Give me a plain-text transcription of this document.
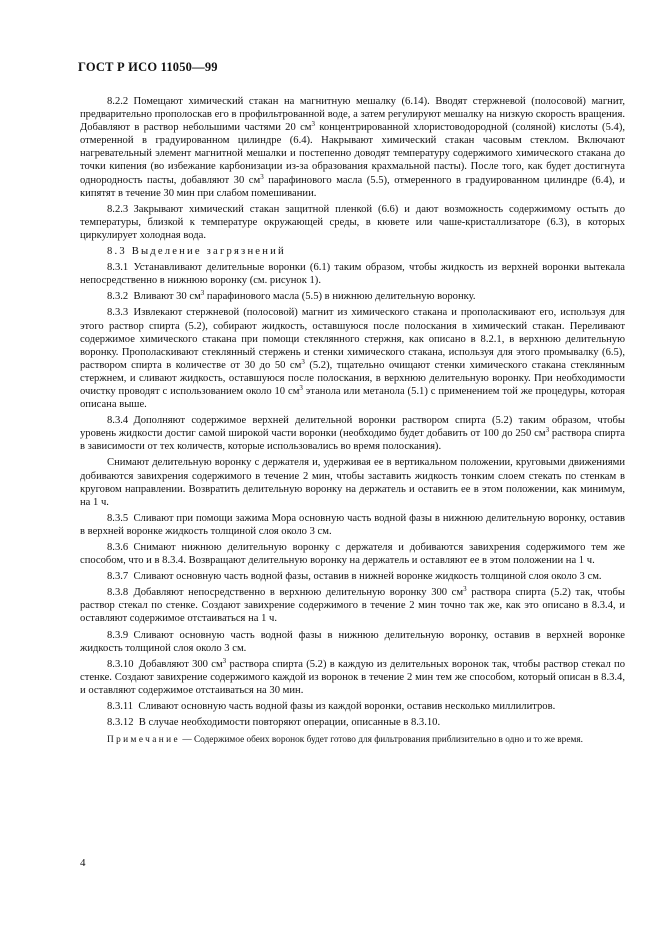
ГОСТ Р ИСО 11050—99

8.2.2  Помещают химический стакан на магнитную мешалку (6.14). Вводят стержневой (полосовой) магнит, предварительно прополоскав его в профильтрованной воде, а затем регулируют мешалку на низкую скорость вращения. Добавляют в раствор небольшими частями 20 $см^3$ концентрированной хлористоводородной (соляной) кислоты (5.4), отмеренной в градуированном цилиндре (6.4). Накрывают химический стакан часовым стеклом. Включают нагревательный элемент магнитной мешалки и постепенно доводят температуру содержимого химического стакана до точки кипения (во избежание карбонизации из-за образования крахмальной пасты). После того, как будет достигнута однородность пасты, добавляют 30 $см^3$ парафинового масла (5.5), отмеренного в градуированном цилиндре (6.4), и кипятят в течение 30 мин при слабом помешивании.

8.2.3  Закрывают химический стакан защитной пленкой (6.6) и дают возможность содержимому остыть до температуры, близкой к температуре окружающей среды, в кювете или чаше-кристаллизаторе (6.3), в которых циркулирует холодная вода.

8.3 Выделение загрязнений

8.3.1  Устанавливают делительные воронки (6.1) таким образом, чтобы жидкость из верхней воронки вытекала непосредственно в нижнюю воронку (см. рисунок 1).

8.3.2  Вливают 30 $см^3$ парафинового масла (5.5) в нижнюю делительную воронку.

8.3.3  Извлекают стержневой (полосовой) магнит из химического стакана и прополаскивают его, используя для этого раствор спирта (5.2), собирают жидкость, оставшуюся после полоскания в химический стакан. Переливают содержимое химического стакана при помощи стеклянного стержня, как описано в 8.2.1, в верхнюю делительную воронку. Прополаскивают стеклянный стержень и стенки химического стакана, используя для этого промывалку (6.5), раствором спирта в количестве от 30 до 50 $см^3$ (5.2), тщательно очищают стенки химического стакана стеклянным стержнем, и сливают жидкость, оставшуюся после полоскания, в верхнюю делительную воронку. При необходимости очистку проводят с использованием около 10 $см^3$ этанола или метанола (5.1) с применением той же процедуры, которая описана выше.

8.3.4  Дополняют содержимое верхней делительной воронки раствором спирта (5.2) таким образом, чтобы уровень жидкости достиг самой широкой части воронки (необходимо будет добавить от 100 до 250 $см^3$ раствора спирта в зависимости от тех количеств, которые использовались во время полоскания).

Снимают делительную воронку с держателя и, удерживая ее в вертикальном положении, круговыми движениями добиваются завихрения содержимого в течение 2 мин, чтобы заставить жидкость тонким слоем стекать по стенкам в круговом направлении. Возвратить делительную воронку на держатель и оставить ее в этом положении, как минимум, на 1 ч.

8.3.5  Сливают при помощи зажима Мора основную часть водной фазы в нижнюю делительную воронку, оставив в верхней воронке жидкость толщиной слоя около 3 см.

8.3.6  Снимают нижнюю делительную воронку с держателя и добиваются завихрения содержимого тем же способом, что и в 8.3.4. Возвращают делительную воронку на держатель и оставляют ее в этом положении на 1 ч.

8.3.7  Сливают основную часть водной фазы, оставив в нижней воронке жидкость толщиной слоя около 3 см.

8.3.8  Добавляют непосредственно в верхнюю делительную воронку 300 $см^3$ раствора спирта (5.2) так, чтобы раствор стекал по стенке. Создают завихрение содержимого в течение 2 мин точно так же, как это описано в 8.3.4, и оставляют содержимое отстаиваться на 1 ч.

8.3.9  Сливают основную часть водной фазы в нижнюю делительную воронку, оставив в верхней воронке жидкость толщиной слоя около 3 см.

8.3.10  Добавляют 300 $см^3$ раствора спирта (5.2) в каждую из делительных воронок так, чтобы раствор стекал по стенке. Создают завихрение содержимого каждой из воронок в течение 2 мин тем же способом, который описан в 8.3.4, и оставляют содержимое отстаиваться на 30 мин.

8.3.11  Сливают основную часть водной фазы из каждой воронки, оставив несколько миллилитров.

8.3.12  В случае необходимости повторяют операции, описанные в 8.3.10.

Примечание — Содержимое обеих воронок будет готово для фильтрования приблизительно в одно и то же время.

4
